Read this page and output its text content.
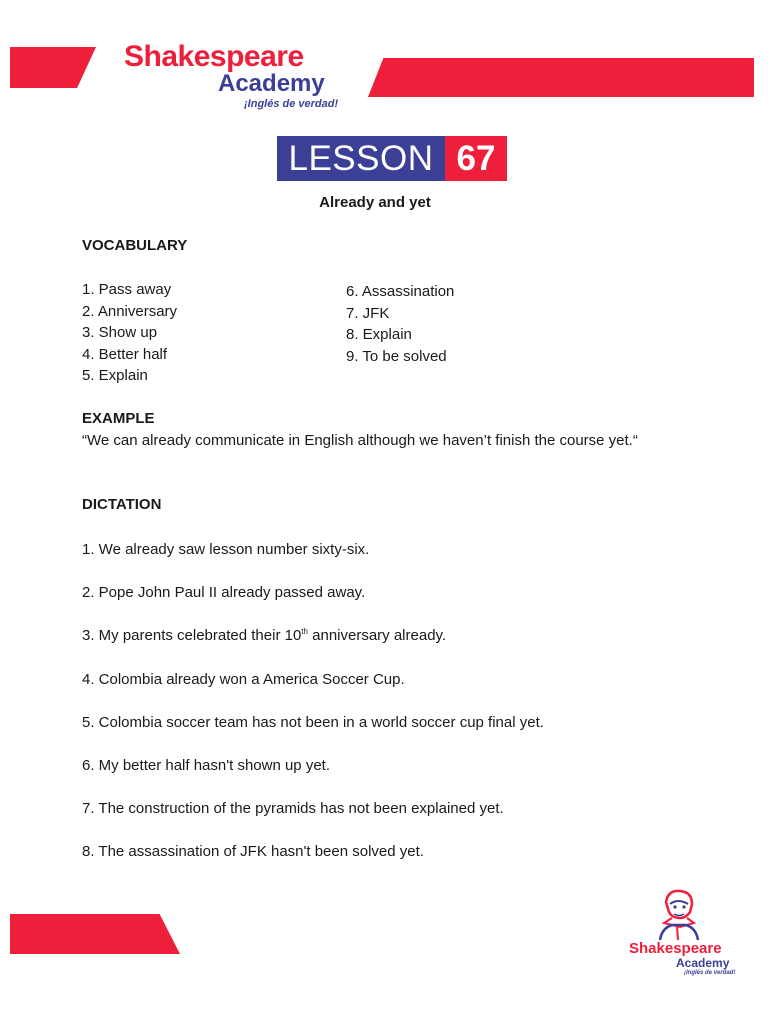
Shakespeare
Academy
¡Inglés de verdad!
LESSON 67
Already and yet
VOCABULARY
1. Pass away
2. Anniversary
3. Show up
4. Better half
5. Explain
6. Assassination
7. JFK
8. Explain
9. To be solved
EXAMPLE
“We can already communicate in English although we haven’t finish the course yet.“
DICTATION
1. We already saw lesson number sixty-six.
2. Pope John Paul II already passed away.
3. My parents celebrated their 10th anniversary already.
4. Colombia already won a America Soccer Cup.
5. Colombia soccer team has not been in a world soccer cup final yet.
6. My better half hasn't shown up yet.
7. The construction of the pyramids has not been explained yet.
8. The assassination of JFK hasn't been solved yet.
Shakespeare
Academy
¡Inglés de verdad!
